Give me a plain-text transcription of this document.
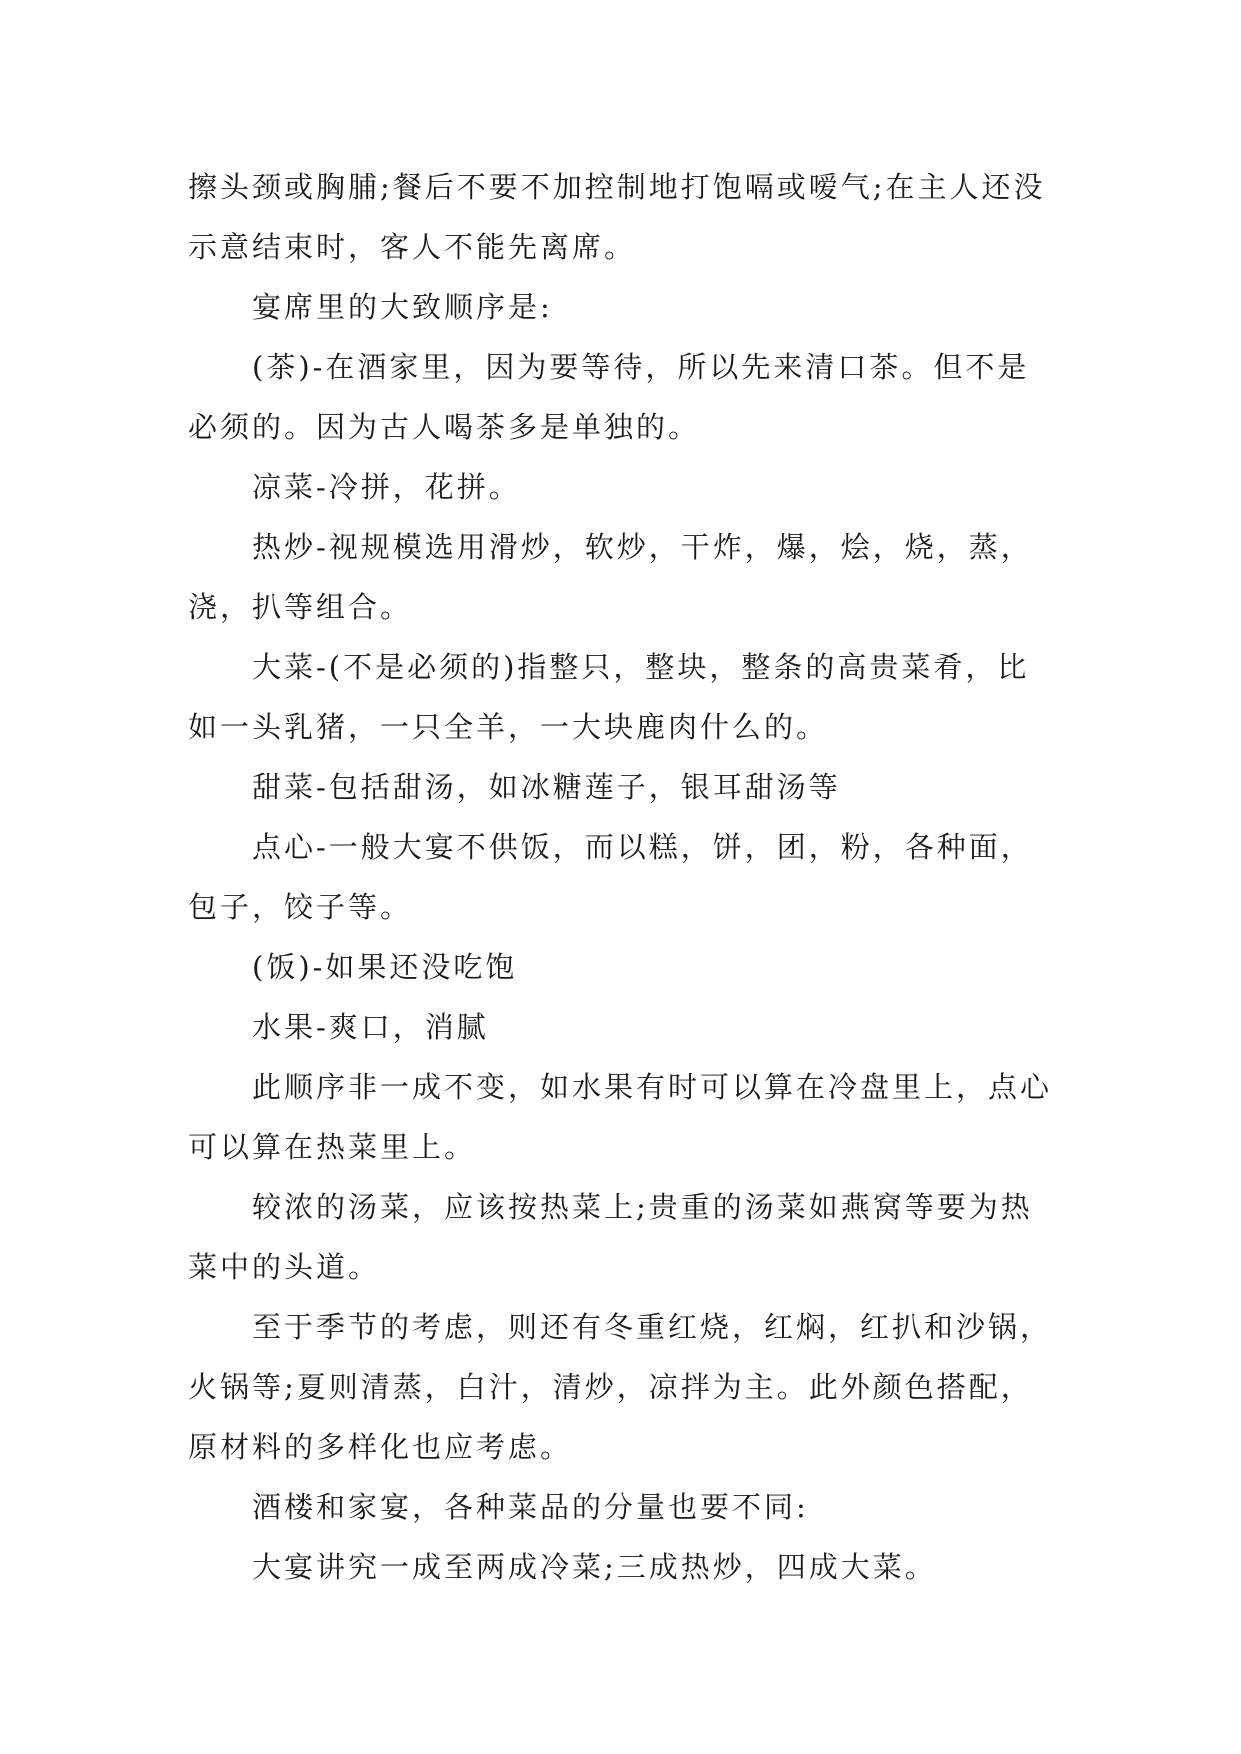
擦头颈或胸脯;餐后不要不加控制地打饱嗝或嗳气;在主人还没示意结束时，客人不能先离席。

宴席里的大致顺序是:

(茶)-在酒家里，因为要等待，所以先来清口茶。但不是必须的。因为古人喝茶多是单独的。

凉菜-冷拼，花拼。

热炒-视规模选用滑炒，软炒，干炸，爆，烩，烧，蒸，浇，扒等组合。

大菜-(不是必须的)指整只，整块，整条的高贵菜肴，比如一头乳猪，一只全羊，一大块鹿肉什么的。

甜菜-包括甜汤，如冰糖莲子，银耳甜汤等

点心-一般大宴不供饭，而以糕，饼，团，粉，各种面，包子，饺子等。

(饭)-如果还没吃饱

水果-爽口，消腻

此顺序非一成不变，如水果有时可以算在冷盘里上，点心可以算在热菜里上。

较浓的汤菜，应该按热菜上;贵重的汤菜如燕窝等要为热菜中的头道。

至于季节的考虑，则还有冬重红烧，红焖，红扒和沙锅，火锅等;夏则清蒸，白汁，清炒，凉拌为主。此外颜色搭配，原材料的多样化也应考虑。

酒楼和家宴，各种菜品的分量也要不同:

大宴讲究一成至两成冷菜;三成热炒，四成大菜。
